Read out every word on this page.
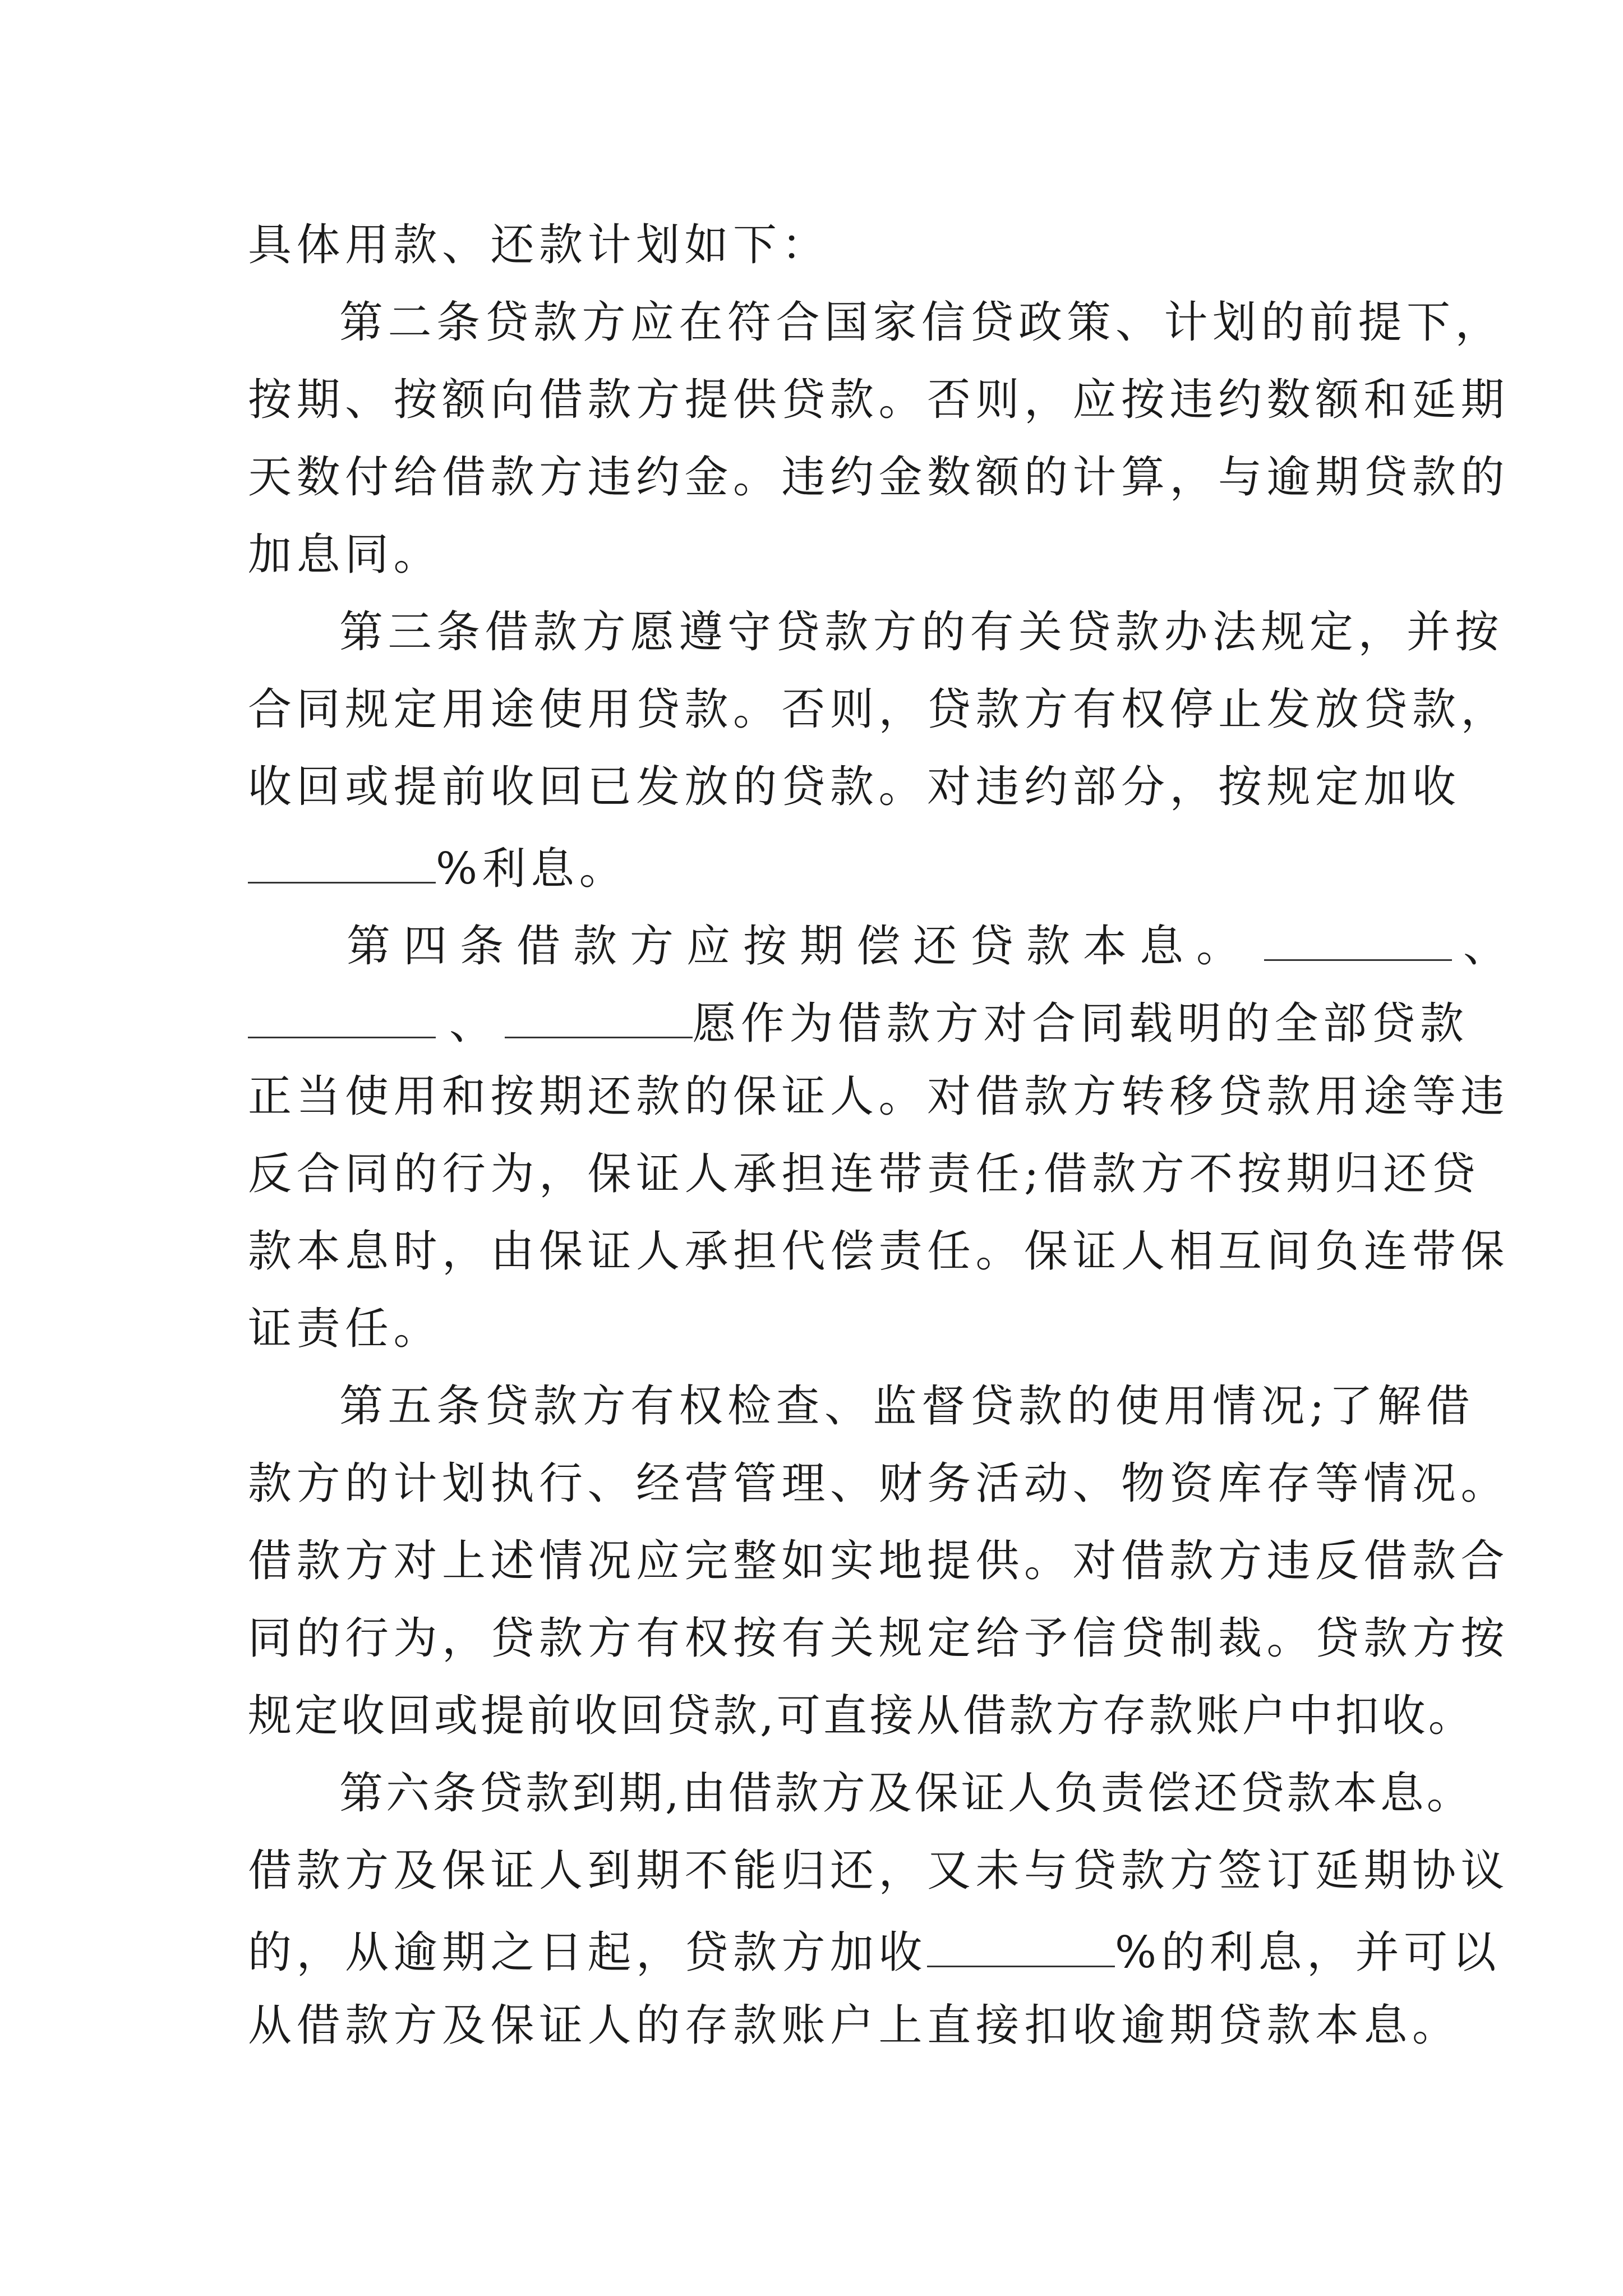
具体用款、还款计划如下：
第二条贷款方应在符合国家信贷政策、计划的前提下，
按期、按额向借款方提供贷款。否则，应按违约数额和延期
天数付给借款方违约金。违约金数额的计算，与逾期贷款的
加息同。
第三条借款方愿遵守贷款方的有关贷款办法规定，并按
合同规定用途使用贷款。否则，贷款方有权停止发放贷款，
收回或提前收回已发放的贷款。对违约部分，按规定加收
%利息。
第四条借款方应按期偿还贷款本息。	、
、	愿作为借款方对合同载明的全部贷款
正当使用和按期还款的保证人。对借款方转移贷款用途等违
反合同的行为，保证人承担连带责任;借款方不按期归还贷
款本息时，由保证人承担代偿责任。保证人相互间负连带保
证责任。
第五条贷款方有权检查、监督贷款的使用情况;了解借
款方的计划执行、经营管理、财务活动、物资库存等情况。
借款方对上述情况应完整如实地提供。对借款方违反借款合
同的行为，贷款方有权按有关规定给予信贷制裁。贷款方按
规定收回或提前收回贷款,可直接从借款方存款账户中扣收。
第六条贷款到期,由借款方及保证人负责偿还贷款本息。
借款方及保证人到期不能归还，又未与贷款方签订延期协议
的，从逾期之日起，贷款方加收	%的利息，并可以
从借款方及保证人的存款账户上直接扣收逾期贷款本息。
